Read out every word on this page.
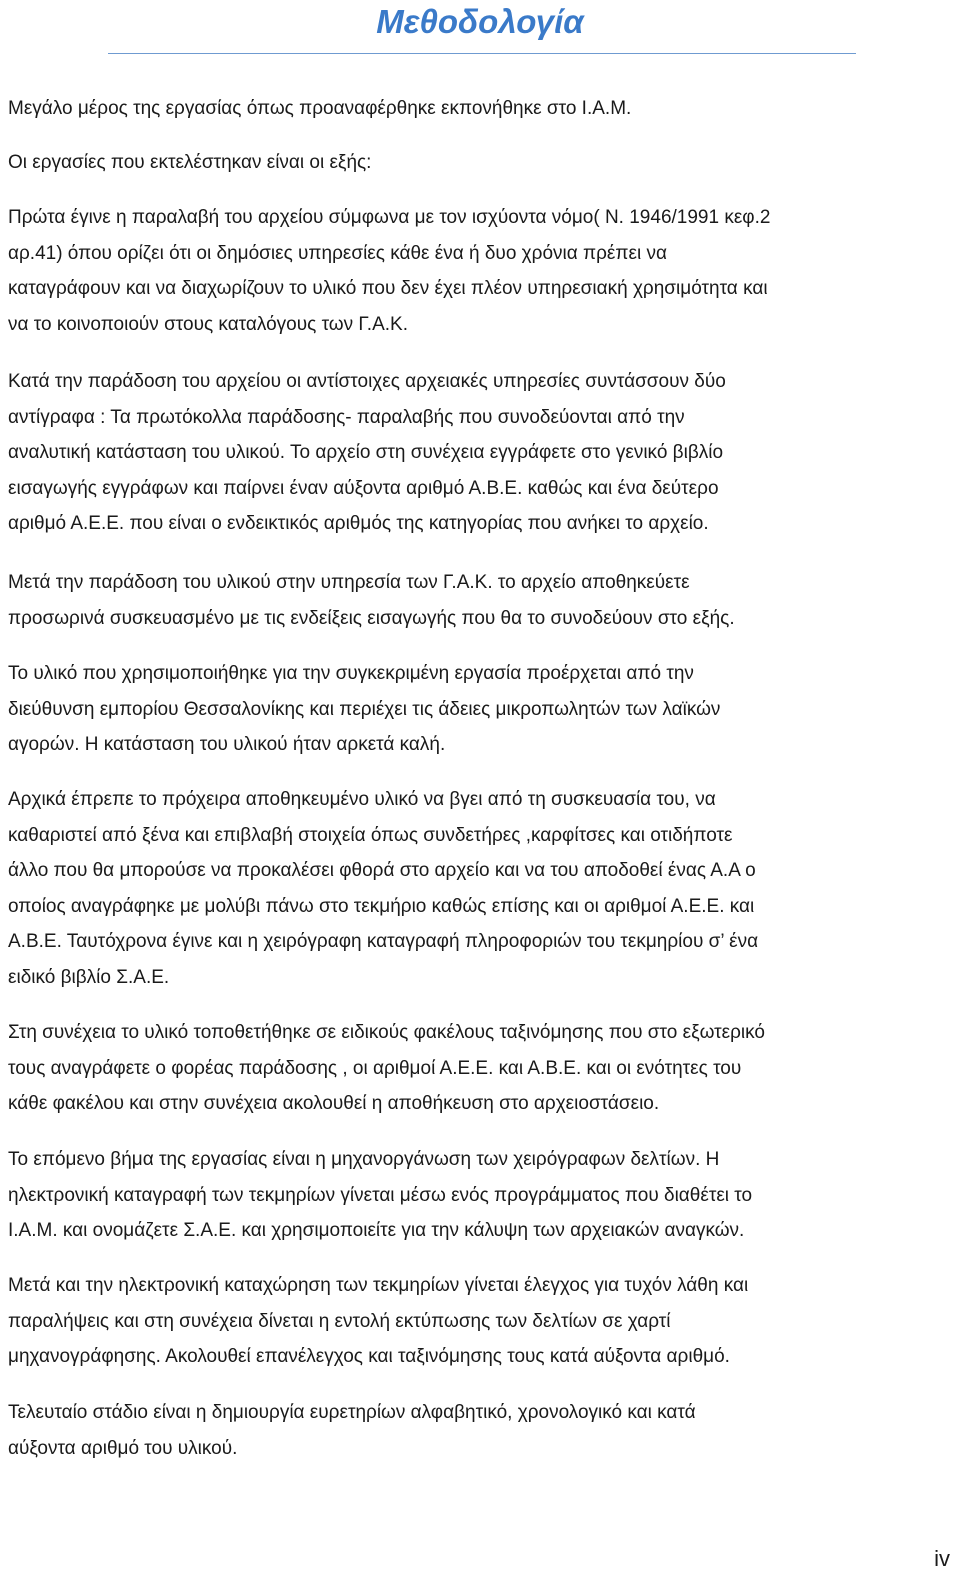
Μεθοδολογία

Μεγάλο μέρος της εργασίας όπως προαναφέρθηκε εκπονήθηκε στο Ι.Α.Μ.

Οι εργασίες που εκτελέστηκαν είναι οι εξής:

Πρώτα έγινε η παραλαβή του αρχείου σύμφωνα με τον ισχύοντα νόμο( Ν. 1946/1991 κεφ.2
αρ.41) όπου ορίζει ότι οι δημόσιες υπηρεσίες κάθε ένα ή δυο χρόνια πρέπει να
καταγράφουν και να διαχωρίζουν το υλικό που δεν έχει πλέον υπηρεσιακή χρησιμότητα και
να το κοινοποιούν στους καταλόγους των Γ.Α.Κ.

Κατά την παράδοση του αρχείου οι αντίστοιχες αρχειακές υπηρεσίες συντάσσουν δύο
αντίγραφα : Τα πρωτόκολλα παράδοσης- παραλαβής που συνοδεύονται από την
αναλυτική κατάσταση του υλικού. Το αρχείο στη συνέχεια εγγράφετε στο γενικό βιβλίο
εισαγωγής εγγράφων και παίρνει έναν αύξοντα αριθμό Α.Β.Ε. καθώς και ένα δεύτερο
αριθμό Α.Ε.Ε. που είναι ο ενδεικτικός αριθμός της κατηγορίας που ανήκει το αρχείο.

Μετά την παράδοση του υλικού στην υπηρεσία των Γ.Α.Κ. το αρχείο αποθηκεύετε
προσωρινά συσκευασμένο με τις ενδείξεις εισαγωγής που θα το συνοδεύουν στο εξής.

Το υλικό που χρησιμοποιήθηκε για την συγκεκριμένη εργασία προέρχεται από την
διεύθυνση εμπορίου Θεσσαλονίκης και περιέχει τις άδειες μικροπωλητών των λαϊκών
αγορών. Η κατάσταση του υλικού ήταν αρκετά καλή.

Αρχικά έπρεπε το πρόχειρα αποθηκευμένο υλικό να βγει από τη συσκευασία του, να
καθαριστεί από ξένα και επιβλαβή στοιχεία όπως συνδετήρες ,καρφίτσες και οτιδήποτε
άλλο που θα μπορούσε να προκαλέσει φθορά στο αρχείο και να του αποδοθεί ένας Α.Α ο
οποίος αναγράφηκε με μολύβι πάνω στο τεκμήριο καθώς επίσης και οι αριθμοί Α.Ε.Ε. και
Α.Β.Ε. Ταυτόχρονα έγινε και η χειρόγραφη καταγραφή πληροφοριών του τεκμηρίου σ’ ένα
ειδικό βιβλίο Σ.Α.Ε.

Στη συνέχεια το υλικό τοποθετήθηκε σε ειδικούς φακέλους ταξινόμησης που στο εξωτερικό
τους αναγράφετε ο φορέας παράδοσης , οι αριθμοί Α.Ε.Ε. και Α.Β.Ε. και οι ενότητες του
κάθε φακέλου και στην συνέχεια ακολουθεί η αποθήκευση στο αρχειοστάσειο.

Το επόμενο βήμα της εργασίας είναι η μηχανοργάνωση των χειρόγραφων δελτίων. Η
ηλεκτρονική καταγραφή των τεκμηρίων γίνεται μέσω ενός προγράμματος που διαθέτει το
Ι.Α.Μ. και ονομάζετε Σ.Α.Ε. και χρησιμοποιείτε για την κάλυψη των αρχειακών αναγκών.

Μετά και την ηλεκτρονική καταχώρηση των τεκμηρίων γίνεται έλεγχος για τυχόν λάθη και
παραλήψεις και στη συνέχεια δίνεται η εντολή εκτύπωσης των δελτίων σε χαρτί
μηχανογράφησης. Ακολουθεί επανέλεγχος και ταξινόμησης τους κατά αύξοντα αριθμό.

Τελευταίο στάδιο είναι η δημιουργία ευρετηρίων αλφαβητικό, χρονολογικό και κατά
αύξοντα αριθμό του υλικού.

iv
